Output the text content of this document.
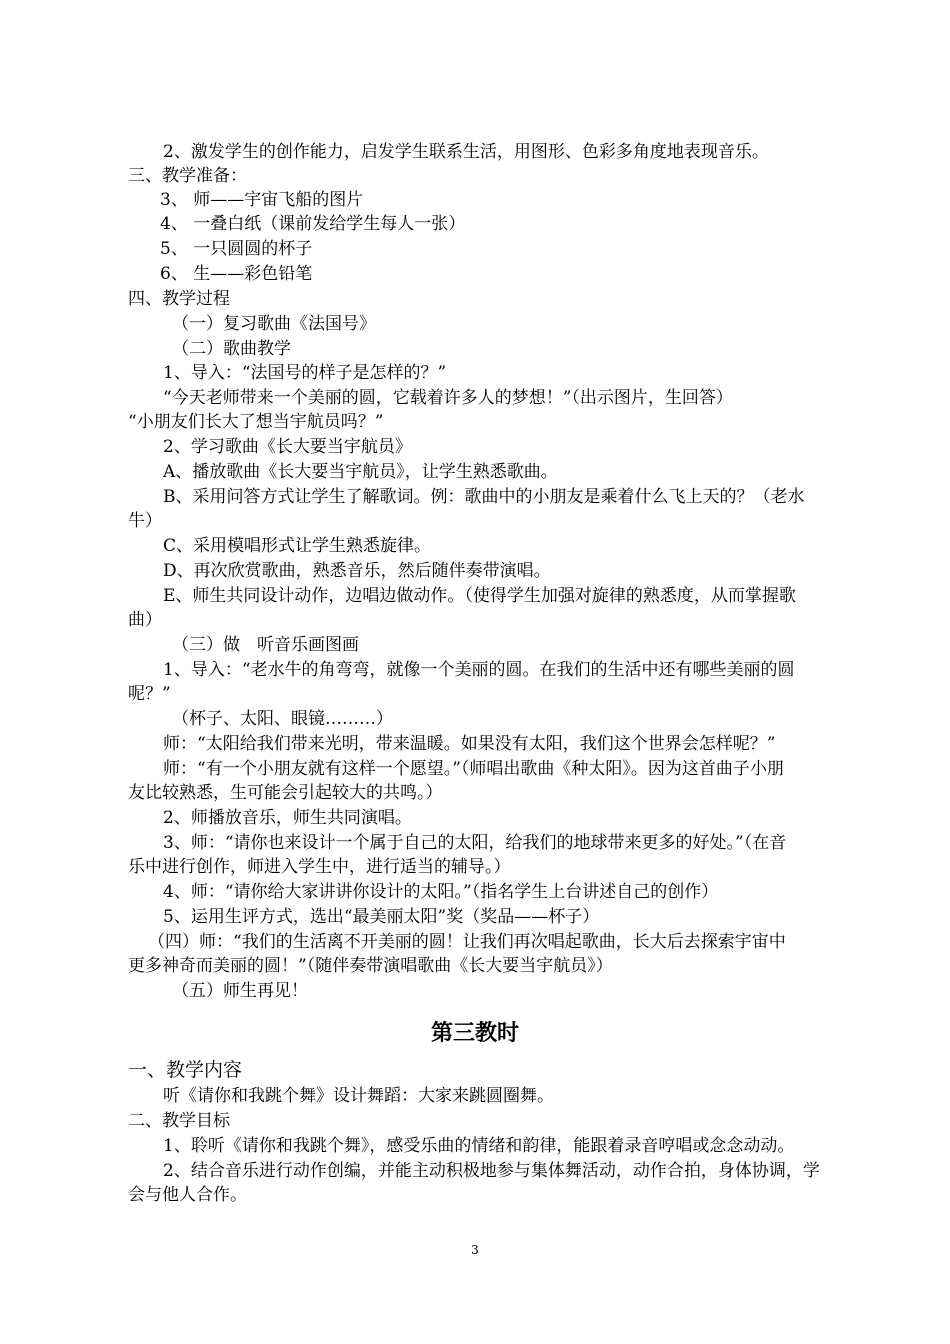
2、激发学生的创作能力，启发学生联系生活，用图形、色彩多角度地表现音乐。
三、教学准备：
3、 师——宇宙飞船的图片
4、 一叠白纸（课前发给学生每人一张）
5、 一只圆圆的杯子
6、 生——彩色铅笔
四、教学过程
（一）复习歌曲《法国号》
（二）歌曲教学
1、导入：“法国号的样子是怎样的？”
“今天老师带来一个美丽的圆，它载着许多人的梦想！”（出示图片，生回答）
“小朋友们长大了想当宇航员吗？”
2、学习歌曲《长大要当宇航员》
A、播放歌曲《长大要当宇航员》，让学生熟悉歌曲。
B、采用问答方式让学生了解歌词。例：歌曲中的小朋友是乘着什么飞上天的？（老水
牛）
C、采用模唱形式让学生熟悉旋律。
D、再次欣赏歌曲，熟悉音乐，然后随伴奏带演唱。
E、师生共同设计动作，边唱边做动作。（使得学生加强对旋律的熟悉度，从而掌握歌
曲）
（三）做　听音乐画图画
1、导入：“老水牛的角弯弯，就像一个美丽的圆。在我们的生活中还有哪些美丽的圆
呢？”
（杯子、太阳、眼镜………）
师：“太阳给我们带来光明，带来温暖。如果没有太阳，我们这个世界会怎样呢？”
师：“有一个小朋友就有这样一个愿望。”（师唱出歌曲《种太阳》。因为这首曲子小朋
友比较熟悉，生可能会引起较大的共鸣。）
2、师播放音乐，师生共同演唱。
3、师：“请你也来设计一个属于自己的太阳，给我们的地球带来更多的好处。”（在音
乐中进行创作，师进入学生中，进行适当的辅导。）
4、师：“请你给大家讲讲你设计的太阳。”（指名学生上台讲述自己的创作）
5、运用生评方式，选出“最美丽太阳”奖（奖品——杯子）
（四）师：“我们的生活离不开美丽的圆！让我们再次唱起歌曲，长大后去探索宇宙中
更多神奇而美丽的圆！”（随伴奏带演唱歌曲《长大要当宇航员》）
（五）师生再见！
第三教时
一、教学内容
听《请你和我跳个舞》设计舞蹈：大家来跳圆圈舞。
二、教学目标
1、聆听《请你和我跳个舞》，感受乐曲的情绪和韵律，能跟着录音哼唱或念念动动。
2、结合音乐进行动作创编，并能主动积极地参与集体舞活动，动作合拍，身体协调，学
会与他人合作。
3
